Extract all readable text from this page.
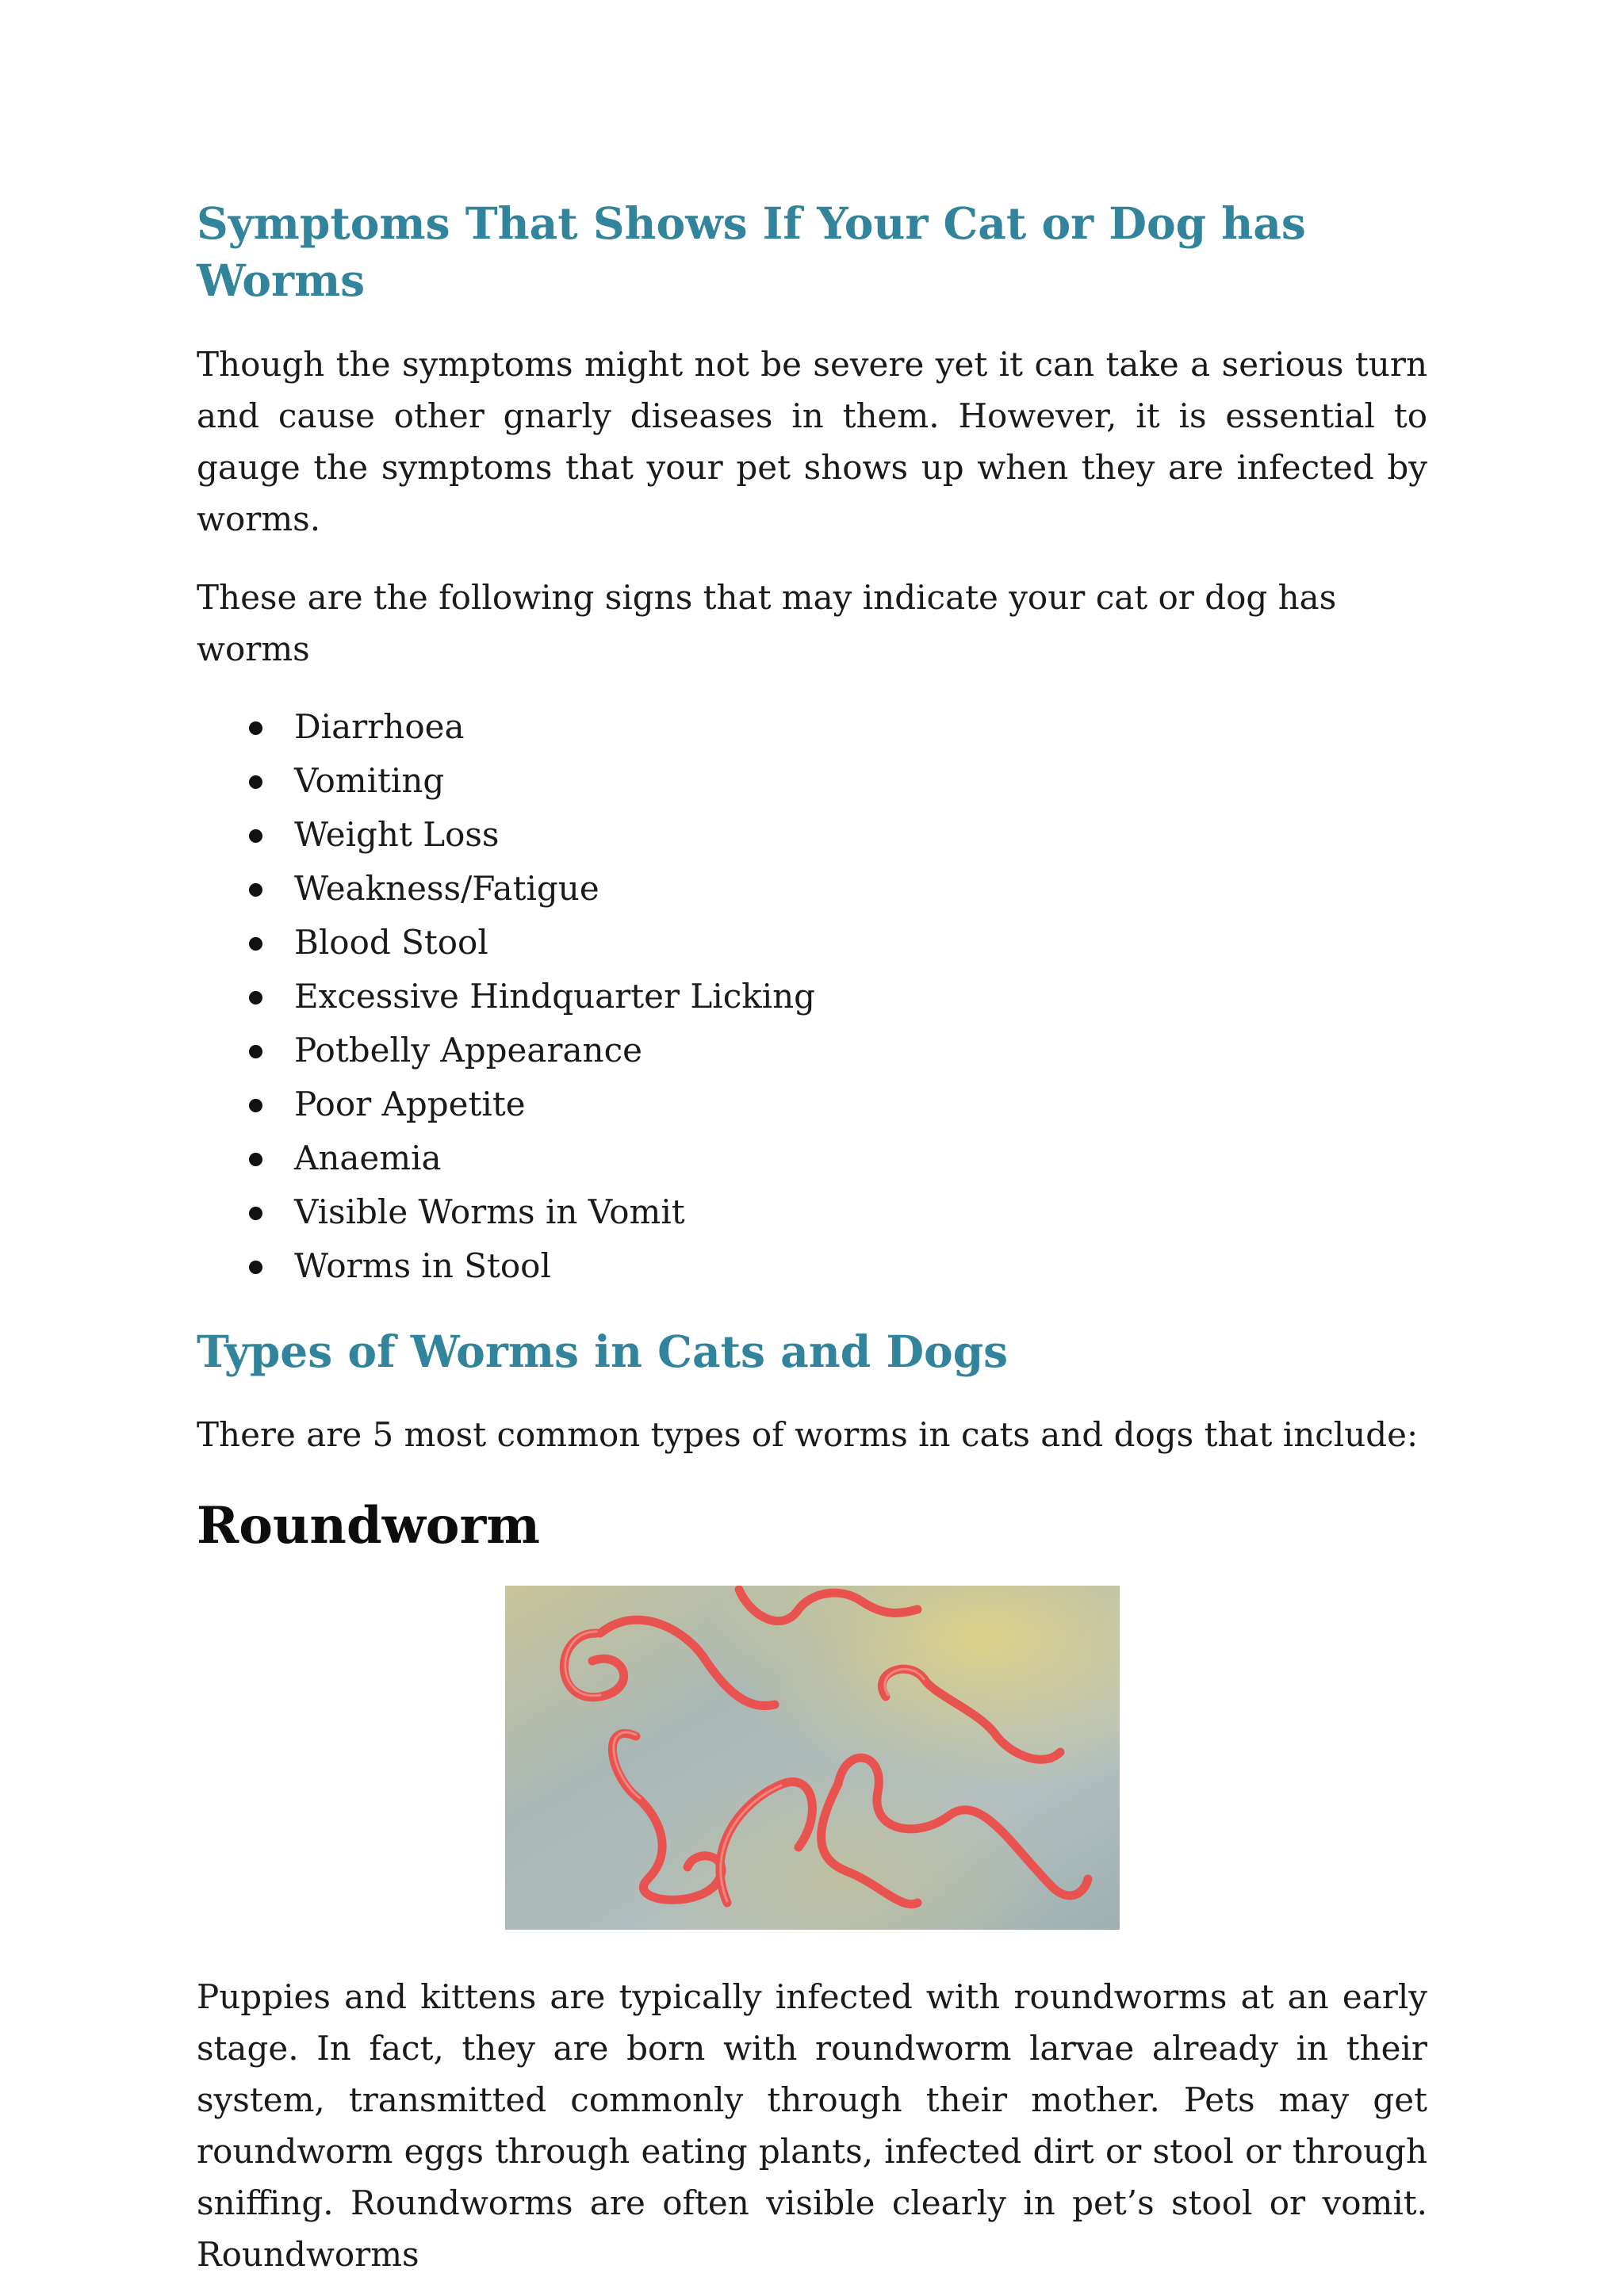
Symptoms That Shows If Your Cat or Dog has Worms

Though the symptoms might not be severe yet it can take a serious turn and cause other gnarly diseases in them. However, it is essential to gauge the symptoms that your pet shows up when they are infected by worms.

These are the following signs that may indicate your cat or dog has worms

Diarrhoea
Vomiting
Weight Loss
Weakness/Fatigue
Blood Stool
Excessive Hindquarter Licking
Potbelly Appearance
Poor Appetite
Anaemia
Visible Worms in Vomit
Worms in Stool
Types of Worms in Cats and Dogs

There are 5 most common types of worms in cats and dogs that include:

Roundworm

Puppies and kittens are typically infected with roundworms at an early stage. In fact, they are born with roundworm larvae already in their system, transmitted commonly through their mother. Pets may get roundworm eggs through eating plants, infected dirt or stool or through sniffing. Roundworms are often visible clearly in pet’s stool or vomit. Roundworms
